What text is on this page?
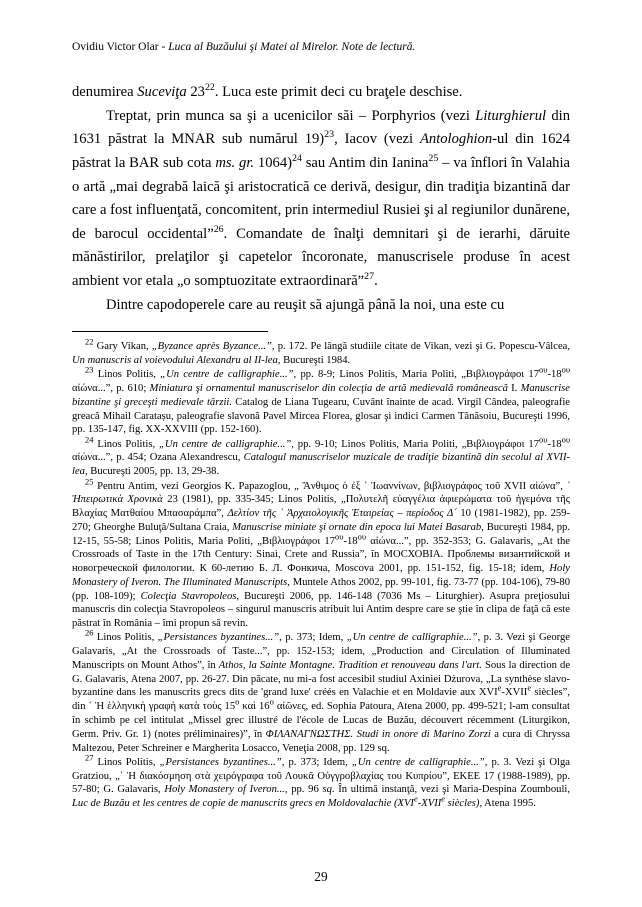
Ovidiu Victor Olar - Luca al Buzăului şi Matei al Mirelor. Note de lectură.

denumirea Suceviţa $23^{22}$. Luca este primit deci cu braţele deschise.

Treptat, prin munca sa şi a ucenicilor săi – Porphyrios (vezi Liturghierul din 1631 păstrat la MNAR sub numărul 19)$^{23}$, Iacov (vezi Antologhion-ul din 1624 păstrat la BAR sub cota ms. gr. 1064)$^{24}$ sau Antim din Ianina$^{25}$ – va înflori în Valahia o artă „mai degrabă laică şi aristocratică ce derivă, desigur, din tradiţia bizantină dar care a fost influenţată, concomitent, prin intermediul Rusiei şi al regiunilor dunărene, de barocul occidental”$^{26}$. Comandate de înalţi demnitari şi de ierarhi, dăruite mănăstirilor, prelaţilor şi capetelor încoronate, manuscrisele produse în acest ambient vor etala „o somptuozitate extraordinară”$^{27}$.

Dintre capodoperele care au reuşit să ajungă până la noi, una este cu

$^{22}$ Gary Vikan, „Byzance après Byzance...”, p. 172. Pe lângă studiile citate de Vikan, vezi şi G. Popescu-Vâlcea, Un manuscris al voievodului Alexandru al II-lea, Bucureşti 1984.

$^{23}$ Linos Politis, „Un centre de calligraphie...”, pp. 8-9; Linos Politis, Maria Politi, „Βιβλιογράφοι $17^{o\upsilon}-18^{o\upsilon}$ αἰώνα...”, p. 610; Miniatura şi ornamentul manuscriselor din colecţia de artă medievală românească I. Manuscrise bizantine şi greceşti medievale târzii. Catalog de Liana Tugearu, Cuvânt înainte de acad. Virgil Cândea, paleografie greacă Mihail Caratașu, paleografie slavonă Pavel Mircea Florea, glosar şi indici Carmen Tănăsoiu, Bucureşti 1996, pp. 135-147, fig. XX-XXVIII (pp. 152-160).

$^{24}$ Linos Politis, „Un centre de calligraphie...”, pp. 9-10; Linos Politis, Maria Politi, „Βιβλιογράφοι $17^{o\upsilon}-18^{o\upsilon}$ αἰώνα...”, p. 454; Ozana Alexandrescu, Catalogul manuscriselor muzicale de tradiţie bizantină din secolul al XVII-lea, Bucureşti 2005, pp. 13, 29-38.

$^{25}$ Pentru Antim, vezi Georgios K. Papazoglou, „ Ἄνθιμος ὁ ἐξ ᾿ Ἰωαννίνων, βιβλιογράφος τοῦ XVII αἰώνα”, ᾿ Ἠπειρωτικὰ Χρονικὰ 23 (1981), pp. 335-345; Linos Politis, „Πολυτελῆ εὐαγγέλια ἀφιερώματα τοῦ ἡγεμόνα τῆς Βλαχίας Ματθαίου Μπασαράμπα”, Δελτίον τῆς ᾿ Ἀρχαιολογικῆς Ἑταιρείας – περίοδος Δ´ 10 (1981-1982), pp. 259-270; Gheorghe Buluţă/Sultana Craia, Manuscrise miniate şi ornate din epoca lui Matei Basarab, Bucureşti 1984, pp. 12-15, 55-58; Linos Politis, Maria Politi, „Βιβλιογράφοι $17^{o\upsilon}-18^{o\upsilon}$ αἰώνα...”, pp. 352-353; G. Galavaris, „At the Crossroads of Taste in the 17th Century: Sinai, Crete and Russia”, în МОСХОВIA. Проблемы византийской и новогреческой филологии. К 60-летию Б. Л. Фонкича, Moscova 2001, pp. 151-152, fig. 15-18; idem, Holy Monastery of Iveron. The Illuminated Manuscripts, Muntele Athos 2002, pp. 99-101, fig. 73-77 (pp. 104-106), 79-80 (pp. 108-109); Colecţia Stavropoleos, Bucureşti 2006, pp. 146-148 (7036 Ms – Liturghier). Asupra preţiosului manuscris din colecţia Stavropoleos – singurul manuscris atribuit lui Antim despre care se ştie în clipa de faţă că este păstrat în România – îmi propun să revin.

$^{26}$ Linos Politis, „Persistances byzantines...”, p. 373; Idem, „Un centre de calligraphie...”, p. 3. Vezi şi George Galavaris, „At the Crossroads of Taste...”, pp. 152-153; idem, „Production and Circulation of Illuminated Manuscripts on Mount Athos”, în Athos, la Sainte Montagne. Tradition et renouveau dans l'art. Sous la direction de G. Galavaris, Atena 2007, pp. 26-27. Din păcate, nu mi-a fost accesibil studiul Axiniei Dżurova, „La synthèse slavo-byzantine dans les manuscrits grecs dits de 'grand luxe' créés en Valachie et en Moldavie aux XVIe-XVIIe siècles”, din ῾ Ἡ ἑλληνικὴ γραφὴ κατὰ τοὺς $15^o$ καὶ $16^o$ αἰῶνες, ed. Sophia Patoura, Atena 2000, pp. 499-521; l-am consultat în schimb pe cel intitulat „Missel grec illustré de l'école de Lucas de Buzău, découvert récemment (Liturgikon, Germ. Priv. Gr. 1) (notes préliminaires)”, în ΦΙΛΑΝΑΓΝΩΣΤΗΣ. Studi in onore di Marino Zorzi a cura di Chryssa Maltezou, Peter Schreiner e Margherita Losacco, Veneţia 2008, pp. 129 sq.

$^{27}$ Linos Politis, „Persistances byzantines...”, p. 373; Idem, „Un centre de calligraphie...”, p. 3. Vezi şi Olga Gratziou, „῾ Ἡ διακόσμηση στὰ χειρόγραφα τοῦ Λουκᾶ Οὐγγροβλαχίας του Κυπρίου”, ΕΚΕΕ 17 (1988-1989), pp. 57-80; G. Galavaris, Holy Monastery of Iveron..., pp. 96 sq. În ultimă instanţă, vezi şi Maria-Despina Zoumbouli, Luc de Buzău et les centres de copie de manuscrits grecs en Moldovalachie (XVIe-XVIIe siècles), Atena 1995.

29
